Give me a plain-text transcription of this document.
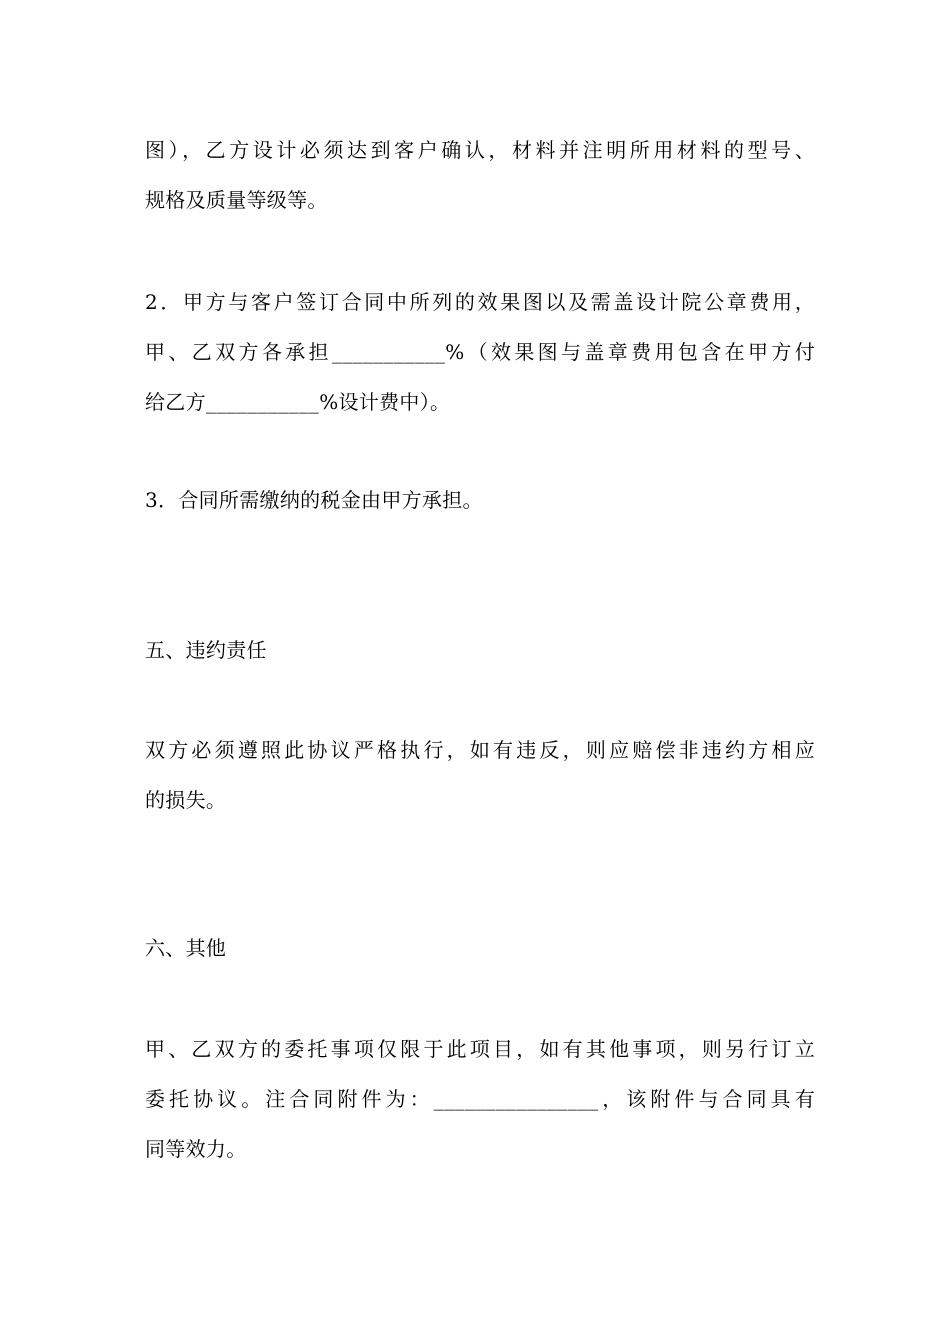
图），乙方设计必须达到客户确认，材料并注明所用材料的型号、
规格及质量等级等。
2．甲方与客户签订合同中所列的效果图以及需盖设计院公章费用，
甲、乙双方各承担___________%（效果图与盖章费用包含在甲方付
给乙方___________%设计费中）。
3．合同所需缴纳的税金由甲方承担。
五、违约责任
双方必须遵照此协议严格执行，如有违反，则应赔偿非违约方相应
的损失。
六、其他
甲、乙双方的委托事项仅限于此项目，如有其他事项，则另行订立
委托协议。注合同附件为：________________，该附件与合同具有
同等效力。
